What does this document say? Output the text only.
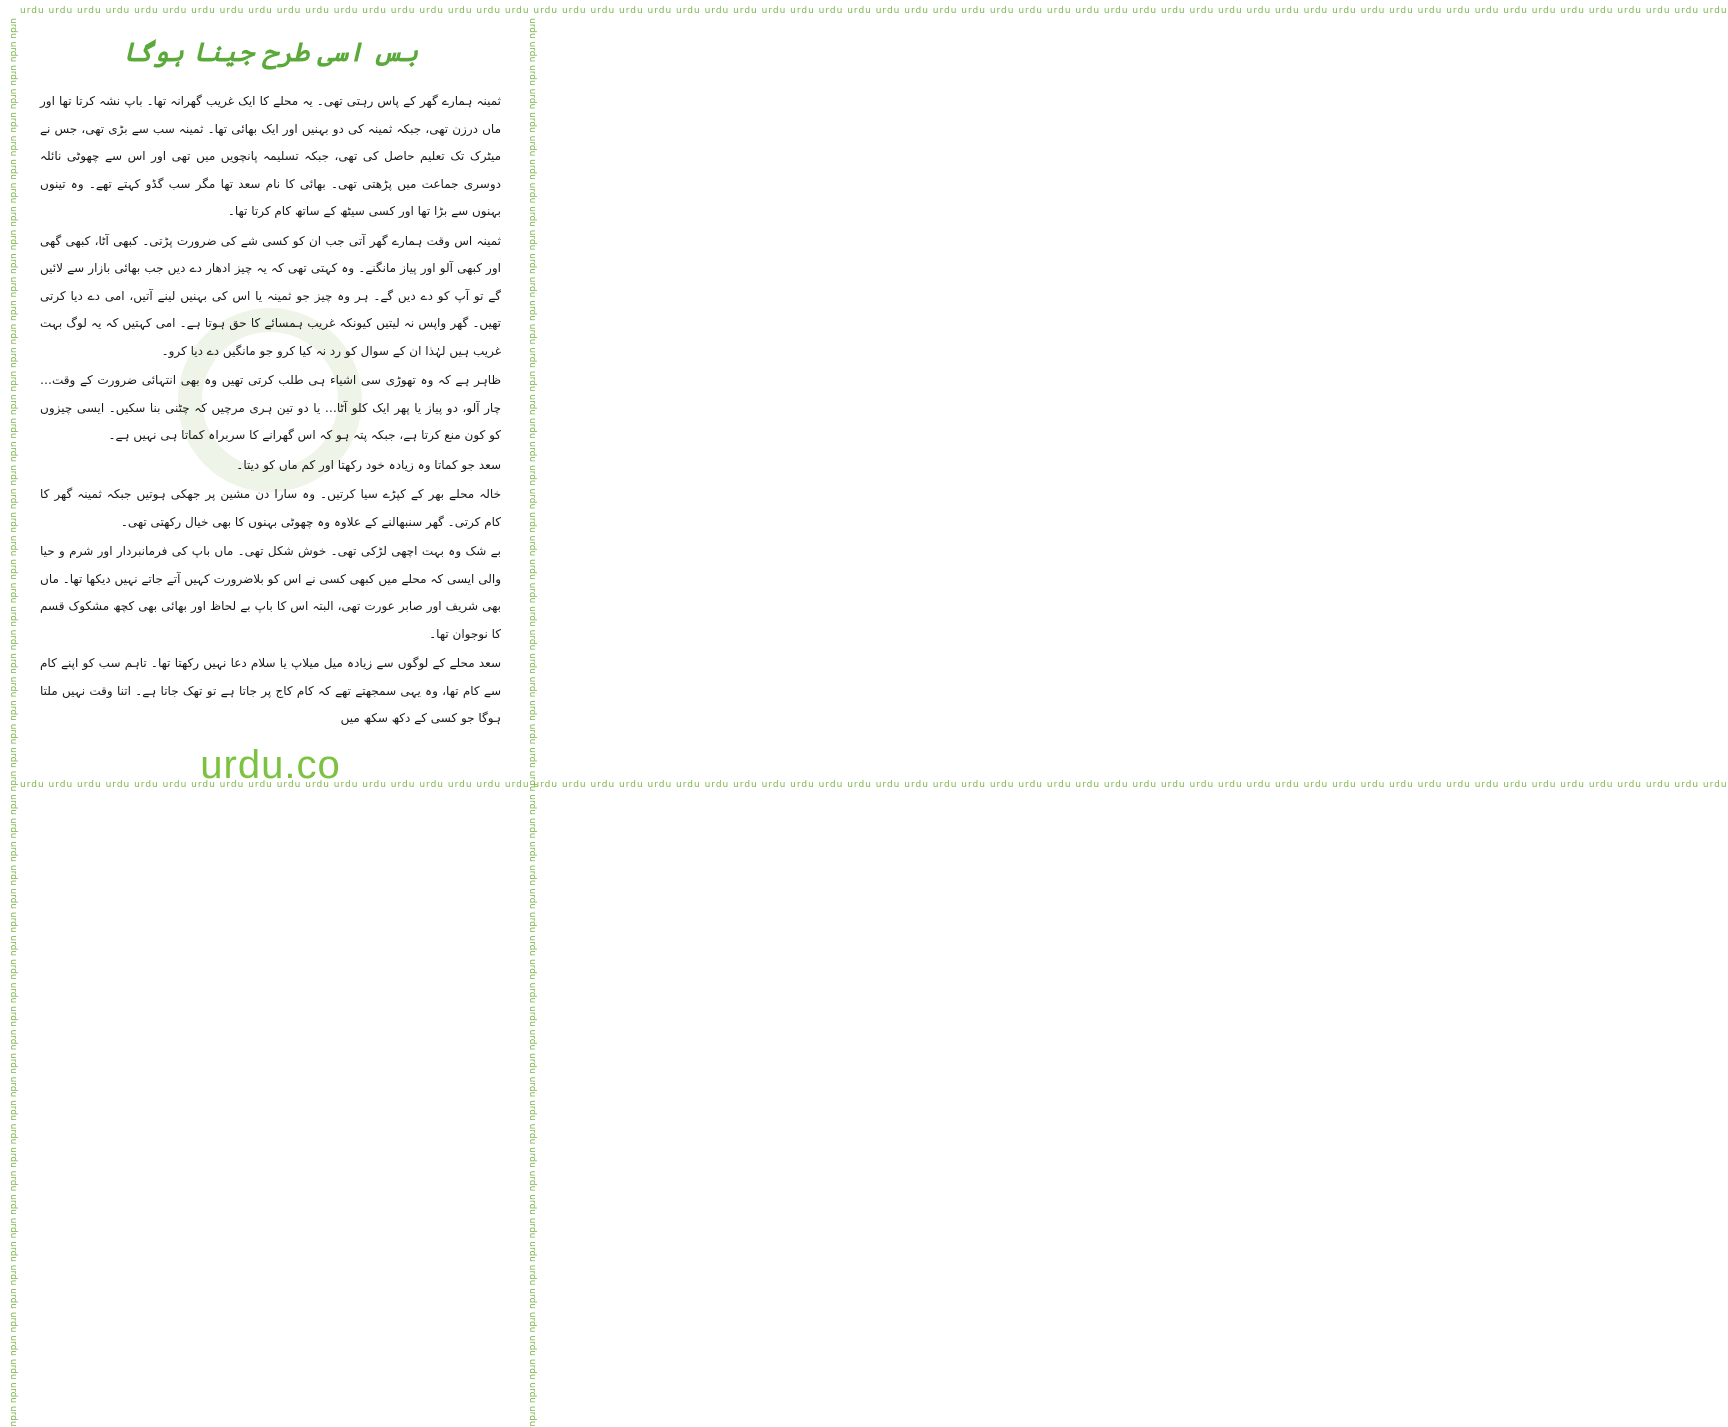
urdu urdu urdu urdu urdu urdu urdu urdu urdu urdu urdu urdu urdu urdu urdu urdu urdu urdu urdu urdu urdu urdu urdu urdu urdu urdu urdu urdu urdu urdu urdu urdu urdu urdu urdu urdu urdu urdu urdu urdu urdu urdu urdu urdu urdu urdu urdu urdu urdu urdu urdu urdu urdu urdu urdu urdu urdu urdu urdu urdu
urdu urdu urdu urdu urdu urdu urdu urdu urdu urdu urdu urdu urdu urdu urdu urdu urdu urdu urdu urdu urdu urdu urdu urdu urdu urdu urdu urdu urdu urdu urdu urdu urdu urdu urdu urdu urdu urdu urdu urdu urdu urdu urdu urdu urdu urdu urdu urdu urdu urdu urdu urdu urdu urdu urdu urdu urdu urdu urdu urdu
urdu urdu urdu urdu urdu urdu urdu urdu urdu urdu urdu urdu urdu urdu urdu urdu urdu urdu urdu urdu urdu urdu urdu urdu urdu urdu urdu urdu urdu urdu urdu urdu urdu urdu urdu urdu urdu urdu urdu urdu urdu urdu urdu urdu urdu urdu urdu urdu urdu urdu urdu urdu urdu urdu urdu urdu urdu urdu urdu urdu	urdu urdu urdu urdu urdu urdu urdu urdu urdu urdu urdu urdu urdu urdu urdu urdu urdu urdu urdu urdu urdu urdu urdu urdu urdu urdu urdu urdu urdu urdu urdu urdu urdu urdu urdu urdu urdu urdu urdu urdu urdu urdu urdu urdu urdu urdu urdu urdu urdu urdu urdu urdu urdu urdu urdu urdu urdu urdu urdu urdu
بس اسی طرح جینا ہوگا

ثمینہ ہمارے گھر کے پاس رہتی تھی۔ یہ محلے کا ایک غریب گھرانہ تھا۔ باپ نشہ کرتا تھا اور ماں درزن تھی، جبکہ ثمینہ کی دو بہنیں اور ایک بھائی تھا۔ ثمینہ سب سے بڑی تھی، جس نے میٹرک تک تعلیم حاصل کی تھی، جبکہ تسلیمہ پانچویں میں تھی اور اس سے چھوٹی نائلہ دوسری جماعت میں پڑھتی تھی۔ بھائی کا نام سعد تھا مگر سب گڈو کہتے تھے۔ وہ تینوں بہنوں سے بڑا تھا اور کسی سیٹھ کے ساتھ کام کرتا تھا۔

ثمینہ اس وقت ہمارے گھر آتی جب ان کو کسی شے کی ضرورت پڑتی۔ کبھی آٹا، کبھی گھی اور کبھی آلو اور پیاز مانگنے۔ وہ کہتی تھی کہ یہ چیز ادھار دے دیں جب بھائی بازار سے لائیں گے تو آپ کو دے دیں گے۔ ہر وہ چیز جو ثمینہ یا اس کی بہنیں لینے آتیں، امی دے دیا کرتی تھیں۔ گھر واپس نہ لیتیں کیونکہ غریب ہمسائے کا حق ہوتا ہے۔ امی کہتیں کہ یہ لوگ بہت غریب ہیں لہٰذا ان کے سوال کو رد نہ کیا کرو جو مانگیں دے دیا کرو۔

ظاہر ہے کہ وہ تھوڑی سی اشیاء ہی طلب کرتی تھیں وہ بھی انتہائی ضرورت کے وقت… چار آلو، دو پیاز یا پھر ایک کلو آٹا… یا دو تین ہری مرچیں کہ چٹنی بنا سکیں۔ ایسی چیزوں کو کون منع کرتا ہے، جبکہ پتہ ہو کہ اس گھرانے کا سربراہ کماتا ہی نہیں ہے۔

سعد جو کماتا وہ زیادہ خود رکھتا اور کم ماں کو دیتا۔

خالہ محلے بھر کے کپڑے سیا کرتیں۔ وہ سارا دن مشین پر جھکی ہوتیں جبکہ ثمینہ گھر کا کام کرتی۔ گھر سنبھالنے کے علاوہ وہ چھوٹی بہنوں کا بھی خیال رکھتی تھی۔

بے شک وہ بہت اچھی لڑکی تھی۔ خوش شکل تھی۔ ماں باپ کی فرمانبردار اور شرم و حیا والی ایسی کہ محلے میں کبھی کسی نے اس کو بلاضرورت کہیں آتے جاتے نہیں دیکھا تھا۔ ماں بھی شریف اور صابر عورت تھی، البتہ اس کا باپ بے لحاظ اور بھائی بھی کچھ مشکوک قسم کا نوجوان تھا۔

سعد محلے کے لوگوں سے زیادہ میل میلاپ یا سلام دعا نہیں رکھتا تھا۔ تاہم سب کو اپنے کام سے کام تھا، وہ یہی سمجھتے تھے کہ کام کاج پر جاتا ہے تو تھک جاتا ہے۔ اتنا وقت نہیں ملتا ہوگا جو کسی کے دکھ سکھ میں

urdu.co
